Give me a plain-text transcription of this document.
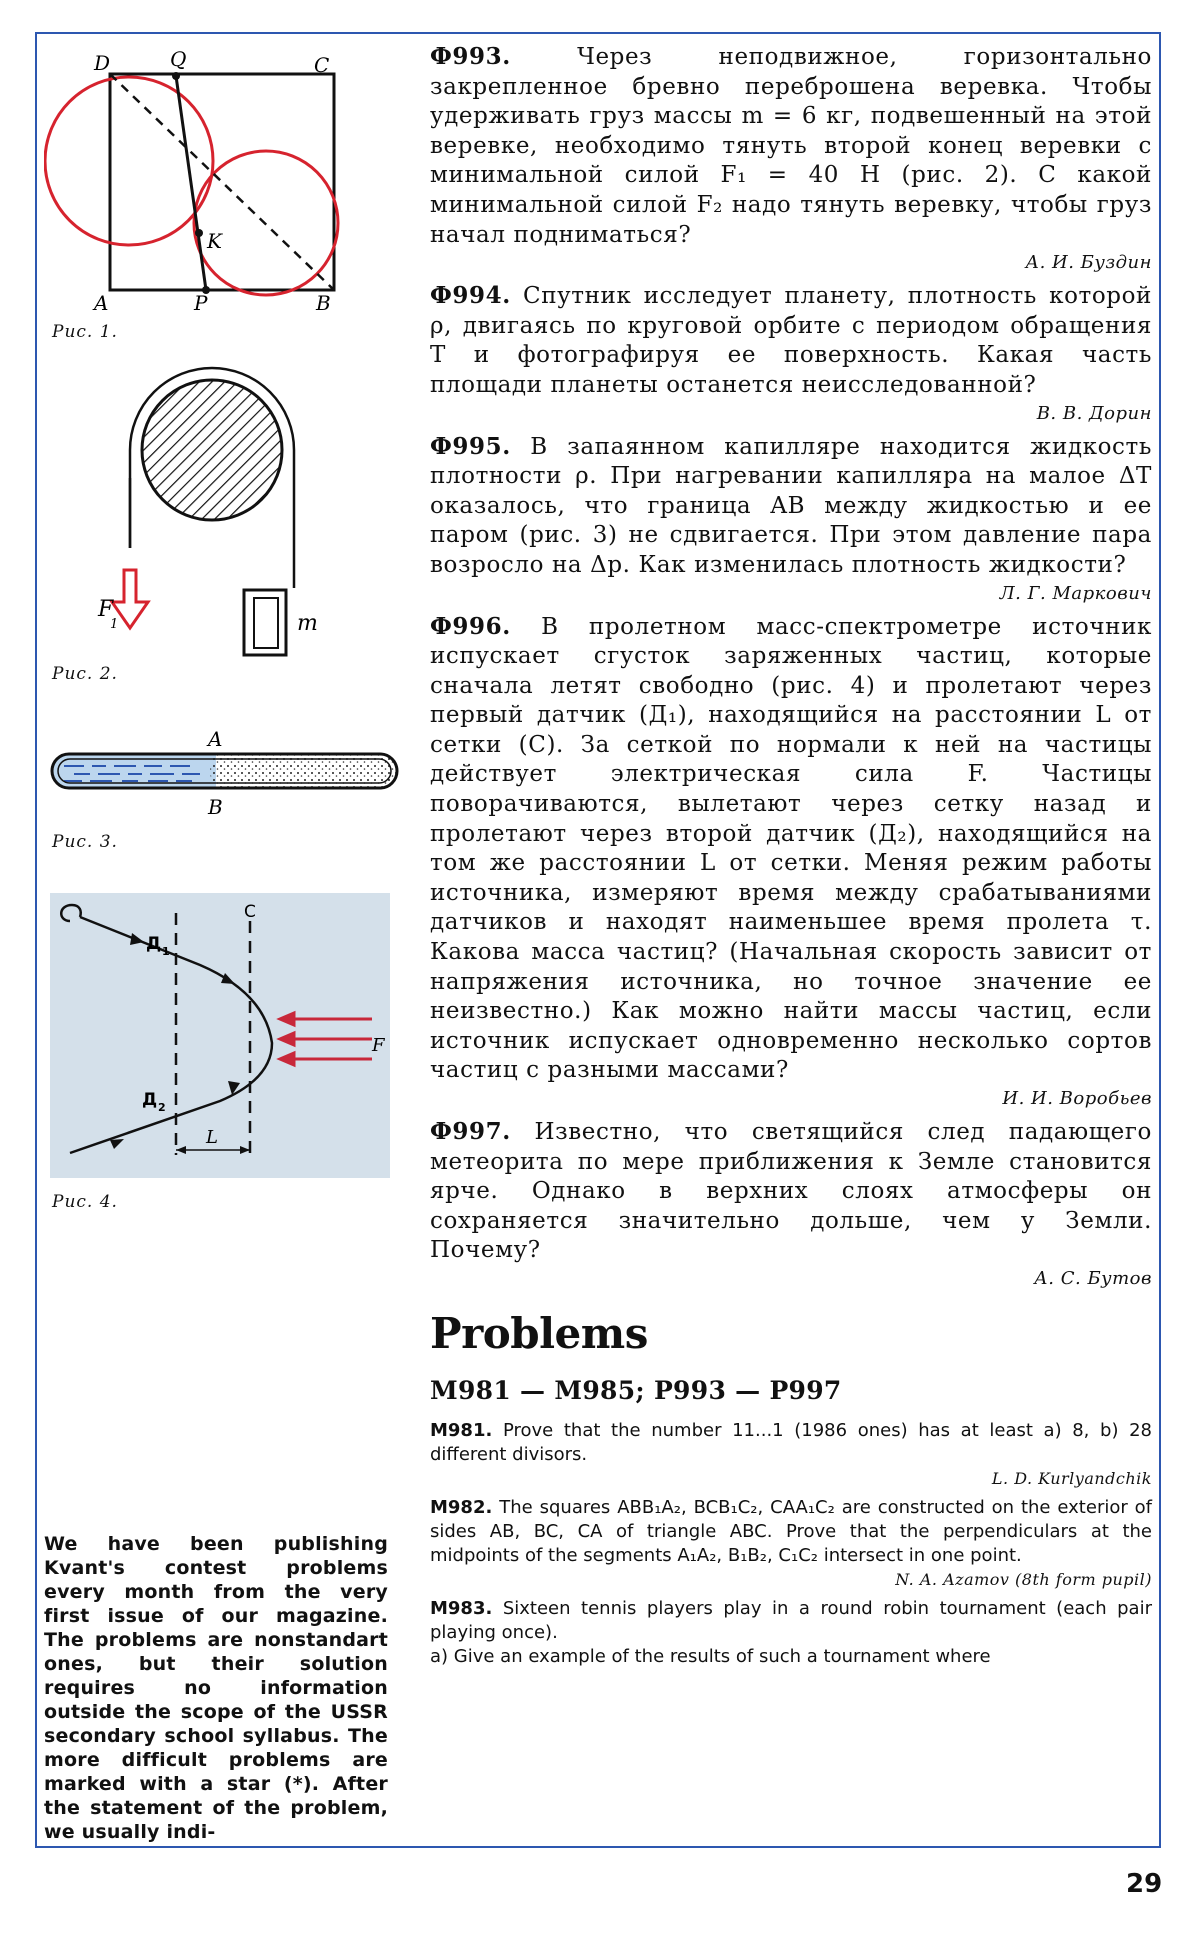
D	Q	C
K
A	P	B
Рис. 1.
F
1	m
Рис. 2.
A
B
Рис. 3.
Д 1
C
F
Д 2
L
Рис. 4.
We have been publishing Kvant's contest problems every month from the very first issue of our magazine. The problems are nonstandart ones, but their solution requires no information outside the scope of the USSR secondary school syllabus. The more difficult problems are marked with a star (*). After the statement of the problem, we usually indi-
Ф993.	Через неподвижное, горизонтально закрепленное бревно переброшена веревка. Чтобы удерживать груз массы m = 6 кг, подвешенный на этой веревке, необходимо тянуть второй конец веревки с минимальной силой F₁ = 40 Н (рис. 2). С какой минимальной силой F₂ надо тянуть веревку, чтобы груз начал подниматься?
А. И. Буздин
Ф994. Спутник исследует планету, плотность которой ρ, двигаясь по круговой орбите с периодом обращения T и фотографируя ее поверхность. Какая часть площади планеты останется неисследованной?
В. В. Дорин
Ф995. В запаянном капилляре находится жидкость плотности ρ. При нагревании капилляра на малое ΔT оказалось, что граница AB между жидкостью и ее паром (рис. 3) не сдвигается. При этом давление пара возросло на Δp. Как изменилась плотность жидкости?
Л. Г. Маркович
Ф996. В пролетном масс-спектрометре источник испускает сгусток заряженных частиц, которые сначала летят свободно (рис. 4) и пролетают через первый датчик (Д₁), находящийся на расстоянии L от сетки (С). За сеткой по нормали к ней на частицы действует электрическая сила F. Частицы поворачиваются, вылетают через сетку назад и пролетают через второй датчик (Д₂), находящийся на том же расстоянии L от сетки. Меняя режим работы источника, измеряют время между срабатываниями датчиков и находят наименьшее время пролета τ. Какова масса частиц? (Начальная скорость зависит от напряжения источника, но точное значение ее неизвестно.) Как можно найти массы частиц, если источник испускает одновременно несколько сортов частиц с разными массами?
И. И. Воробьев
Ф997. Известно, что светящийся след падающего метеорита по мере приближения к Земле становится ярче. Однако в верхних слоях атмосферы он сохраняется значительно дольше, чем у Земли. Почему?
А. С. Бутов
Problems
M981 — M985; P993 — P997
M981. Prove that the number 11...1 (1986 ones) has at least a) 8, b) 28 different divisors.
L. D. Kurlyandchik
M982. The squares ABB₁A₂, BCB₁C₂, CAA₁C₂ are constructed on the exterior of sides AB, BC, CA of triangle ABC. Prove that the perpendiculars at the midpoints of the segments A₁A₂, B₁B₂, C₁C₂ intersect in one point.
N. A. Azamov (8th form pupil)
M983. Sixteen tennis players play in a round robin tournament (each pair playing once).
a) Give an example of the results of such a tournament where
29
